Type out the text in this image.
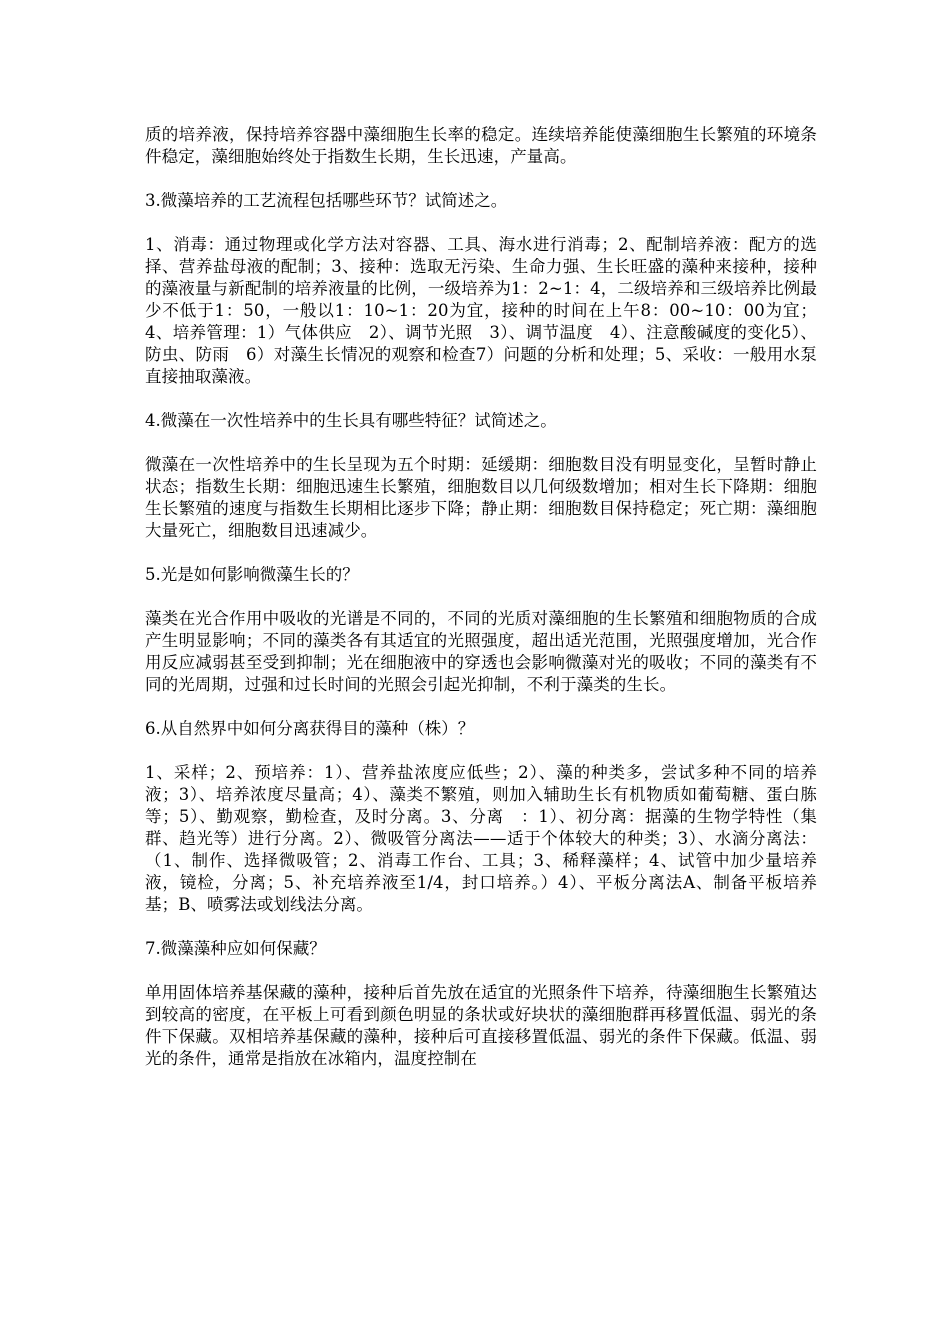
质的培养液，保持培养容器中藻细胞生长率的稳定。连续培养能使藻细胞生长繁殖的环境条件稳定，藻细胞始终处于指数生长期，生长迅速，产量高。

3.微藻培养的工艺流程包括哪些环节？试简述之。

1、消毒：通过物理或化学方法对容器、工具、海水进行消毒；2、配制培养液：配方的选择、营养盐母液的配制；3、接种：选取无污染、生命力强、生长旺盛的藻种来接种，接种的藻液量与新配制的培养液量的比例，一级培养为1：2~1：4，二级培养和三级培养比例最少不低于1：50，一般以1：10~1：20为宜，接种的时间在上午8：00~10：00为宜；4、培养管理：1）气体供应　2）、调节光照　3）、调节温度　4）、注意酸碱度的变化5）、防虫、防雨　6）对藻生长情况的观察和检查7）问题的分析和处理；5、采收：一般用水泵直接抽取藻液。

4.微藻在一次性培养中的生长具有哪些特征？试简述之。

微藻在一次性培养中的生长呈现为五个时期：延缓期：细胞数目没有明显变化，呈暂时静止状态；指数生长期：细胞迅速生长繁殖，细胞数目以几何级数增加；相对生长下降期：细胞生长繁殖的速度与指数生长期相比逐步下降；静止期：细胞数目保持稳定；死亡期：藻细胞大量死亡，细胞数目迅速减少。

5.光是如何影响微藻生长的？

藻类在光合作用中吸收的光谱是不同的，不同的光质对藻细胞的生长繁殖和细胞物质的合成产生明显影响；不同的藻类各有其适宜的光照强度，超出适光范围，光照强度增加，光合作用反应减弱甚至受到抑制；光在细胞液中的穿透也会影响微藻对光的吸收；不同的藻类有不同的光周期，过强和过长时间的光照会引起光抑制，不利于藻类的生长。

6.从自然界中如何分离获得目的藻种（株）？

1、采样；2、预培养：1）、营养盐浓度应低些；2）、藻的种类多，尝试多种不同的培养液；3）、培养浓度尽量高；4）、藻类不繁殖，则加入辅助生长有机物质如葡萄糖、蛋白胨等；5）、勤观察，勤检查，及时分离。3、分离　：1）、初分离：据藻的生物学特性（集群、趋光等）进行分离。2）、微吸管分离法——适于个体较大的种类；3）、水滴分离法：（1、制作、选择微吸管；2、消毒工作台、工具；3、稀释藻样；4、试管中加少量培养液，镜检，分离；5、补充培养液至1/4，封口培养。）4）、平板分离法A、制备平板培养基；B、喷雾法或划线法分离。

7.微藻藻种应如何保藏？

单用固体培养基保藏的藻种，接种后首先放在适宜的光照条件下培养，待藻细胞生长繁殖达到较高的密度，在平板上可看到颜色明显的条状或好块状的藻细胞群再移置低温、弱光的条件下保藏。双相培养基保藏的藻种，接种后可直接移置低温、弱光的条件下保藏。低温、弱光的条件，通常是指放在冰箱内，温度控制在
